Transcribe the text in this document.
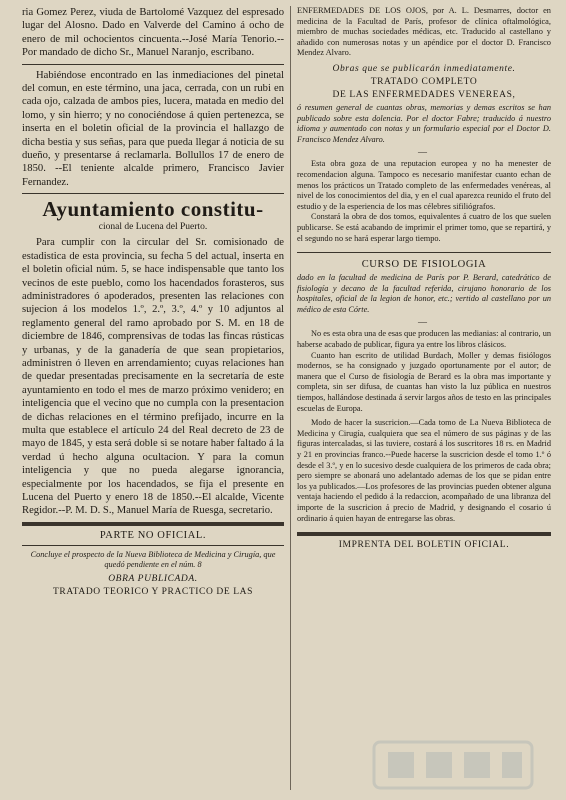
ria Gomez Perez, viuda de Bartolomé Vazquez del espresado lugar del Alosno. Dado en Valverde del Camino á ocho de enero de mil ochocientos cincuenta.--José María Tenorio.--Por mandado de dicho Sr., Manuel Naranjo, escribano.

Habiéndose encontrado en las inmediaciones del pinetal del comun, en este término, una jaca, cerrada, con un rubi en cada ojo, calzada de ambos pies, lucera, matada en medio del lomo, y sin hierro; y no conociéndose á quien pertenezca, se inserta en el boletin oficial de la provincia el hallazgo de dicha bestia y sus señas, para que pueda llegar á noticia de su dueño, y presentarse á reclamarla. Bollullos 17 de enero de 1850. --El teniente alcalde primero, Francisco Javier Fernandez.

Ayuntamiento constitu-
cional de Lucena del Puerto.

Para cumplir con la circular del Sr. comisionado de estadistica de esta provincia, su fecha 5 del actual, inserta en el boletin oficial núm. 5, se hace indispensable que tanto los vecinos de este pueblo, como los hacendados forasteros, sus administradores ó apoderados, presenten las relaciones con sujecion á los modelos 1.º, 2.º, 3.º, 4.º y 10 adjuntos al reglamento general del ramo aprobado por S. M. en 18 de diciembre de 1846, comprensivas de todas las fincas rústicas y urbanas, y de la ganadería de que sean propietarios, administren ó lleven en arrendamiento; cuyas relaciones han de quedar presentadas precisamente en la secretaría de este ayuntamiento en todo el mes de marzo próximo venidero; en inteligencia que el vecino que no cumpla con la presentacion de dichas relaciones en el término prefijado, incurre en la multa que establece el artículo 24 del Real decreto de 23 de mayo de 1845, y esta será doble si se notare haber faltado á la verdad ú hecho alguna ocultacion. Y para la comun inteligencia y que no pueda alegarse ignorancia, especialmente por los hacendados, se fija el presente en Lucena del Puerto y enero 18 de 1850.--El alcalde, Vicente Regidor.--P. M. D. S., Manuel María de Ruesga, secretario.

PARTE NO OFICIAL.

Concluye el prospecto de la Nueva Biblioteca de Medicina y Cirugía, que quedó pendiente en el núm. 8

OBRA PUBLICADA.
TRATADO TEORICO Y PRACTICO DE LAS

ENFERMEDADES DE LOS OJOS, por A. L. Desmarres, doctor en medicina de la Facultad de París, profesor de clínica oftalmológica, miembro de muchas sociedades médicas, etc. Traducido al castellano y añadido con numerosas notas y un apéndice por el doctor D. Francisco Mendez Alvaro.

Obras que se publicarán inmediatamente.
TRATADO COMPLETO
DE LAS ENFERMEDADES VENEREAS,

ó resumen general de cuantas obras, memorias y demas escritos se han publicado sobre esta dolencia. Por el doctor Fabre; traducido á nuestro idioma y aumentado con notas y un formulario especial por el Doctor D. Francisco Mendez Alvaro.

—

Esta obra goza de una reputacion europea y no ha menester de recomendacion alguna. Tampoco es necesario manifestar cuanto echan de menos los prácticos un Tratado completo de las enfermedades venéreas, al nivel de los conocimientos del dia, y en el cual aparezca reunido el fruto del estudio y de la esperiencia de los mas célebres sifiliógrafos.

Constará la obra de dos tomos, equivalentes á cuatro de los que suelen publicarse. Se está acabando de imprimir el primer tomo, que se repartirá, y el segundo no se hará esperar largo tiempo.

CURSO DE FISIOLOGIA

dado en la facultad de medicina de París por P. Berard, catedrático de fisiología y decano de la facultad referida, cirujano honorario de los hospitales, oficial de la legion de honor, etc.; vertido al castellano por un médico de esta Córte.

—

No es esta obra una de esas que producen las medianias: al contrario, un haberse acabado de publicar, figura ya entre los libros clásicos.

Cuanto han escrito de utilidad Burdach, Moller y demas fisiólogos modernos, se ha consignado y juzgado oportunamente por el autor; de manera que el Curso de fisiología de Berard es la obra mas importante y completa, sin ser difusa, de cuantas han visto la luz pública en nuestros tiempos, hallándose destinada á servir largos años de testo en las principales escuelas de Europa.

Modo de hacer la suscricion.—Cada tomo de La Nueva Biblioteca de Medicina y Cirugía, cualquiera que sea el número de sus páginas y de las figuras intercaladas, si las tuviere, costará á los suscritores 18 rs. en Madrid y 21 en provincias franco.--Puede hacerse la suscricion desde el tomo 1.º ó desde el 3.º, y en lo sucesivo desde cualquiera de los primeros de cada obra; pero siempre se abonará uno adelantado ademas de los que se pidan entre los ya publicados.—Los profesores de las provincias pueden obtener alguna ventaja haciendo el pedido á la redaccion, acompañado de una libranza del importe de la suscricion á precio de Madrid, y designando el cosario ú ordinario á quien hayan de entregarse las obras.

IMPRENTA DEL BOLETIN OFICIAL.
